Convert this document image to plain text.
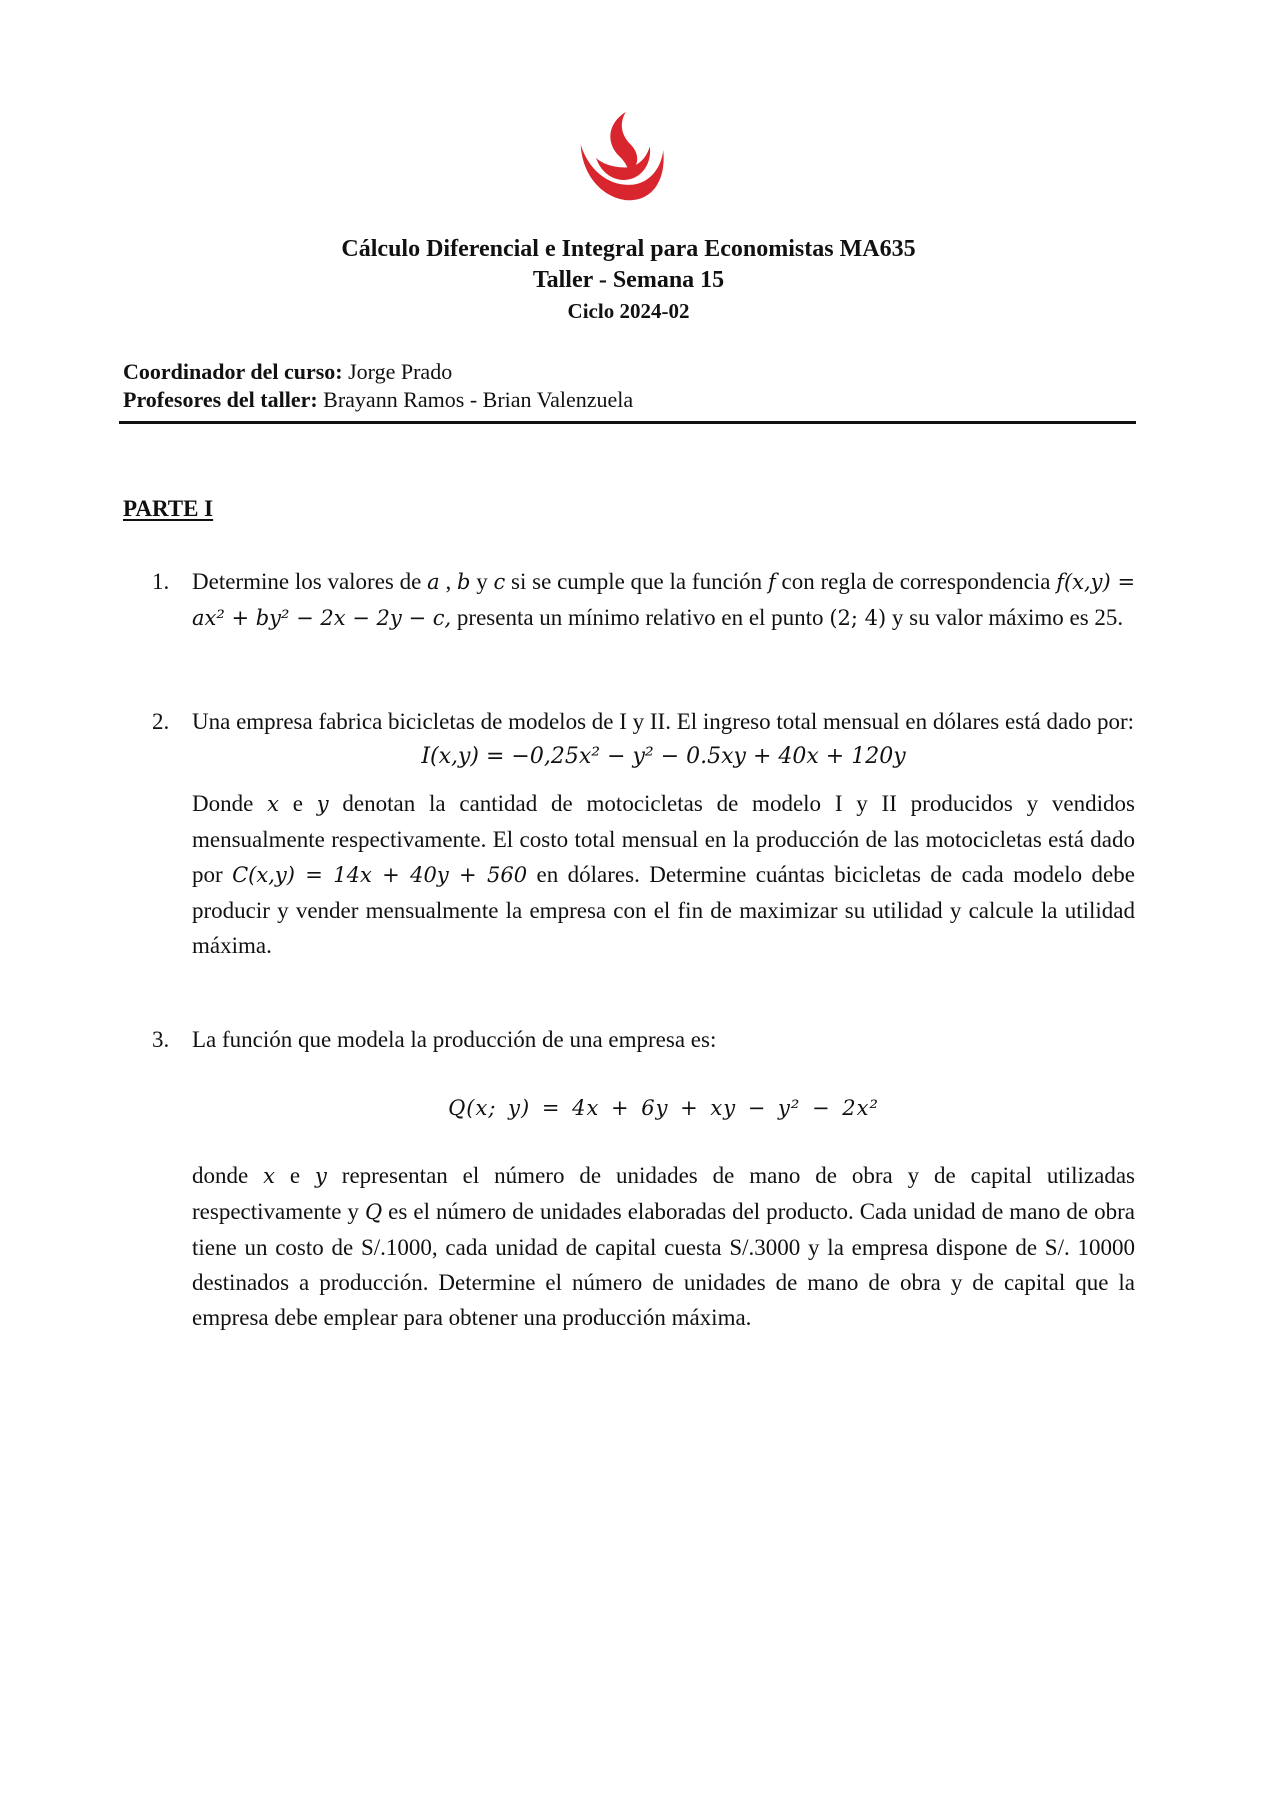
Cálculo Diferencial e Integral para Economistas MA635
Taller - Semana 15
Ciclo 2024-02
Coordinador del curso: Jorge Prado
Profesores del taller: Brayann Ramos - Brian Valenzuela
PARTE I
1. Determine los valores de a , b y c si se cumple que la función f con regla de correspondencia f(x,y) = ax² + by² − 2x − 2y − c, presenta un mínimo relativo en el punto (2; 4) y su valor máximo es 25.
2. Una empresa fabrica bicicletas de modelos de I y II. El ingreso total mensual en dólares está dado por:
I(x,y) = −0,25x² − y² − 0.5xy + 40x + 120y
Donde x e y denotan la cantidad de motocicletas de modelo I y II producidos y vendidos mensualmente respectivamente. El costo total mensual en la producción de las motocicletas está dado por C(x,y) = 14x + 40y + 560 en dólares. Determine cuántas bicicletas de cada modelo debe producir y vender mensualmente la empresa con el fin de maximizar su utilidad y calcule la utilidad máxima.
3. La función que modela la producción de una empresa es:
Q(x; y) = 4x + 6y + xy − y² − 2x²
donde x e y representan el número de unidades de mano de obra y de capital utilizadas respectivamente y Q es el número de unidades elaboradas del producto. Cada unidad de mano de obra tiene un costo de S/.1000, cada unidad de capital cuesta S/.3000 y la empresa dispone de S/. 10000 destinados a producción. Determine el número de unidades de mano de obra y de capital que la empresa debe emplear para obtener una producción máxima.
